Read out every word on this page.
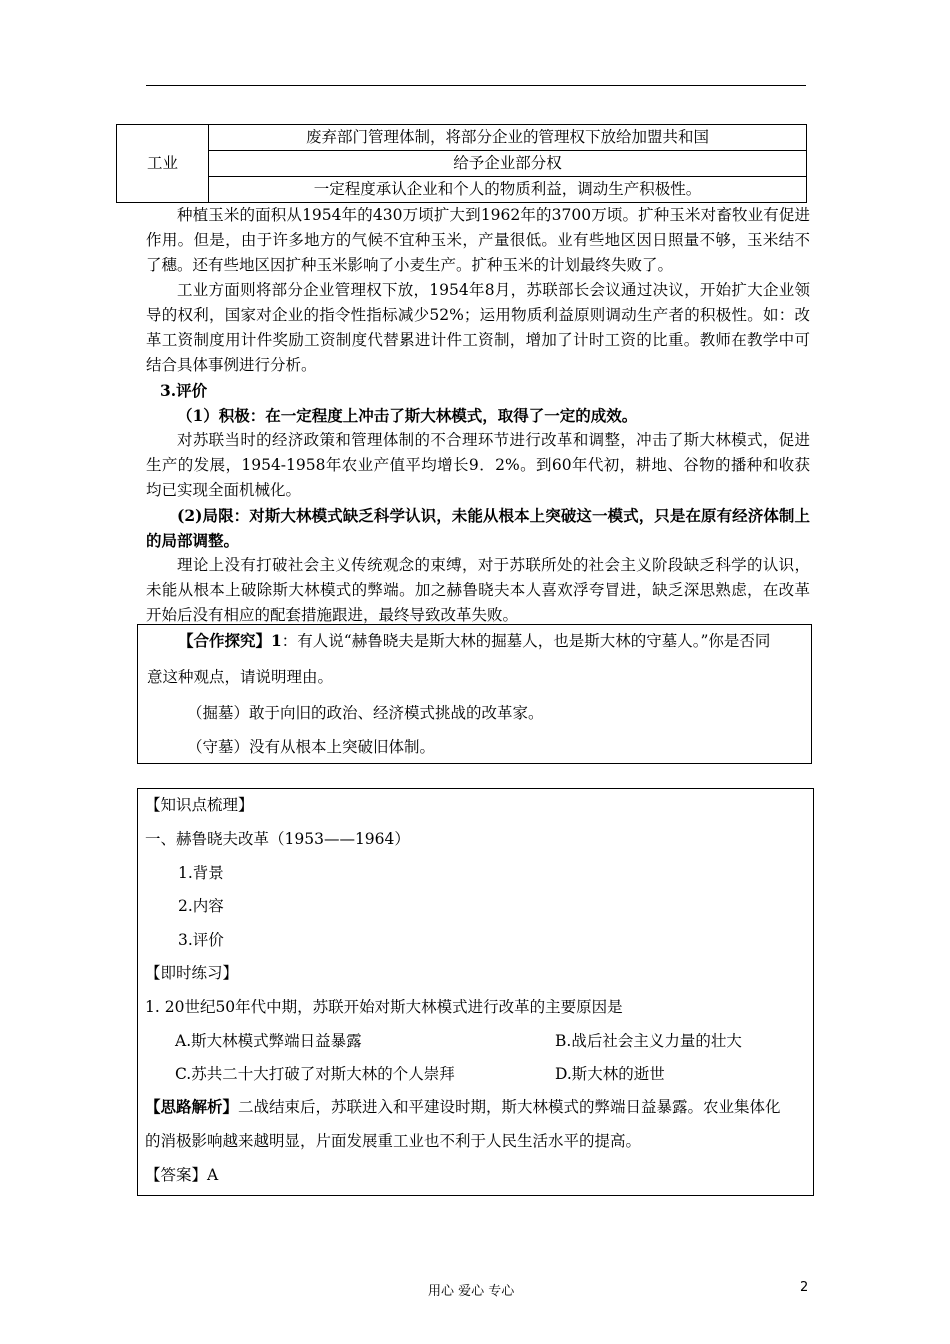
工业	废弃部门管理体制，将部分企业的管理权下放给加盟共和国
给予企业部分权
一定程度承认企业和个人的物质利益，调动生产积极性。

种植玉米的面积从1954年的430万顷扩大到1962年的3700万顷。扩种玉米对畜牧业有促进作用。但是，由于许多地方的气候不宜种玉米，产量很低。业有些地区因日照量不够，玉米结不了穗。还有些地区因扩种玉米影响了小麦生产。扩种玉米的计划最终失败了。

工业方面则将部分企业管理权下放，1954年8月，苏联部长会议通过决议，开始扩大企业领导的权利，国家对企业的指令性指标减少52%；运用物质利益原则调动生产者的积极性。如：改革工资制度用计件奖励工资制度代替累进计件工资制，增加了计时工资的比重。教师在教学中可结合具体事例进行分析。

3.评价

（1）积极：在一定程度上冲击了斯大林模式，取得了一定的成效。

对苏联当时的经济政策和管理体制的不合理环节进行改革和调整，冲击了斯大林模式，促进生产的发展，1954-1958年农业产值平均增长9．2%。到60年代初，耕地、谷物的播种和收获均已实现全面机械化。

(2)局限：对斯大林模式缺乏科学认识，未能从根本上突破这一模式，只是在原有经济体制上的局部调整。

理论上没有打破社会主义传统观念的束缚，对于苏联所处的社会主义阶段缺乏科学的认识，未能从根本上破除斯大林模式的弊端。加之赫鲁晓夫本人喜欢浮夸冒进，缺乏深思熟虑，在改革开始后没有相应的配套措施跟进，最终导致改革失败。

【合作探究】1：有人说“赫鲁晓夫是斯大林的掘墓人，也是斯大林的守墓人。”你是否同
意这种观点，请说明理由。
（掘墓）敢于向旧的政治、经济模式挑战的改革家。
（守墓）没有从根本上突破旧体制。
【知识点梳理】
一、赫鲁晓夫改革（1953——1964）
1.背景
2.内容
3.评价
【即时练习】
1. 20世纪50年代中期，苏联开始对斯大林模式进行改革的主要原因是
A.斯大林模式弊端日益暴露	B.战后社会主义力量的壮大
C.苏共二十大打破了对斯大林的个人崇拜	D.斯大林的逝世
【思路解析】二战结束后，苏联进入和平建设时期，斯大林模式的弊端日益暴露。农业集体化
的消极影响越来越明显，片面发展重工业也不利于人民生活水平的提高。
【答案】A
用心 爱心 专心	2
